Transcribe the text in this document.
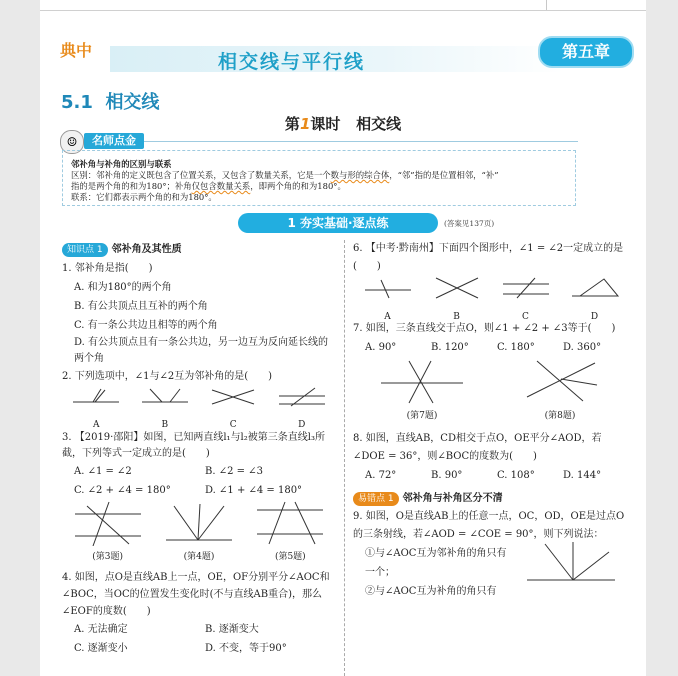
典中
相交线与平行线	第五章
5.1 相交线
第1课时 相交线
☺	名师点金

邻补角与补角的区别与联系

区别：邻补角的定义既包含了位置关系，又包含了数量关系，它是一个数与形的综合体，“邻”指的是位置相邻，“补”

指的是两个角的和为180°；补角仅包含数量关系，即两个角的和为180°。

联系：它们都表示两个角的和为180°。

1 夯实基础·逐点练	(答案见137页)

知识点 1 邻补角及其性质

1. 邻补角是指(　　)

A. 和为180°的两个角

B. 有公共顶点且互补的两个角

C. 有一条公共边且相等的两个角

D. 有公共顶点且有一条公共边，另一边互为反向延长线的两个角

2. 下列选项中，∠1与∠2互为邻补角的是(　　)

A	B	C	D

3. 【2019·邵阳】如图，已知两直线l₁与l₂被第三条直线l₃所截，下列等式一定成立的是(　　)

A. ∠1 = ∠2	B. ∠2 = ∠3
C. ∠2 + ∠4 = 180°	D. ∠1 + ∠4 = 180°
(第3题)	(第4题)	(第5题)

4. 如图，点O是直线AB上一点，OE，OF分别平分∠AOC和∠BOC，当OC的位置发生变化时(不与直线AB重合)，那么∠EOF的度数(　　)

A. 无法确定	B. 逐渐变大
C. 逐渐变小	D. 不变，等于90°

6. 【中考·黔南州】下面四个图形中，∠1 = ∠2一定成立的是(　　)

A	B	C	D

7. 如图，三条直线交于点O，则∠1 + ∠2 + ∠3等于(　　)

A. 90°	B. 120°	C. 180°	D. 360°
(第7题)	(第8题)

8. 如图，直线AB，CD相交于点O，OE平分∠AOD，若∠DOE = 36°，则∠BOC的度数为(　　)

A. 72°	B. 90°	C. 108°	D. 144°

易错点 1 邻补角与补角区分不清

9. 如图，O是直线AB上的任意一点，OC，OD，OE是过点O的三条射线，若∠AOD = ∠COE = 90°，则下列说法：

①与∠AOC互为邻补角的角只有一个；

②与∠AOC互为补角的角只有
